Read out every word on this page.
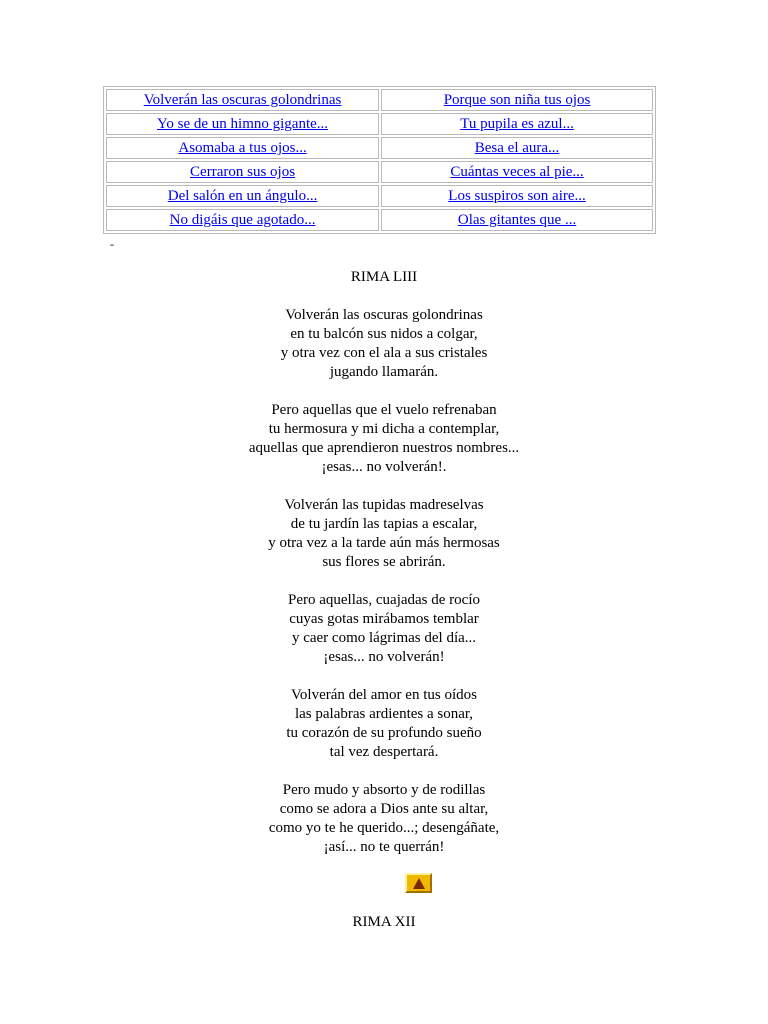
Volverán las oscuras golondrinas	Porque son niña tus ojos
Yo se de un himno gigante...	Tu pupila es azul...
Asomaba a tus ojos...	Besa el aura...
Cerraron sus ojos	Cuántas veces al pie...
Del salón en un ángulo...	Los suspiros son aire...
No digáis que agotado...	Olas gitantes que ...
-
RIMA LIII
Volverán las oscuras golondrinas
en tu balcón sus nidos a colgar,
y otra vez con el ala a sus cristales
jugando llamarán.
Pero aquellas que el vuelo refrenaban
tu hermosura y mi dicha a contemplar,
aquellas que aprendieron nuestros nombres...
¡esas... no volverán!.
Volverán las tupidas madreselvas
de tu jardín las tapias a escalar,
y otra vez a la tarde aún más hermosas
sus flores se abrirán.
Pero aquellas, cuajadas de rocío
cuyas gotas mirábamos temblar
y caer como lágrimas del día...
¡esas... no volverán!
Volverán del amor en tus oídos
las palabras ardientes a sonar,
tu corazón de su profundo sueño
tal vez despertará.
Pero mudo y absorto y de rodillas
como se adora a Dios ante su altar,
como yo te he querido...; desengáñate,
¡así... no te querrán!
RIMA XII
